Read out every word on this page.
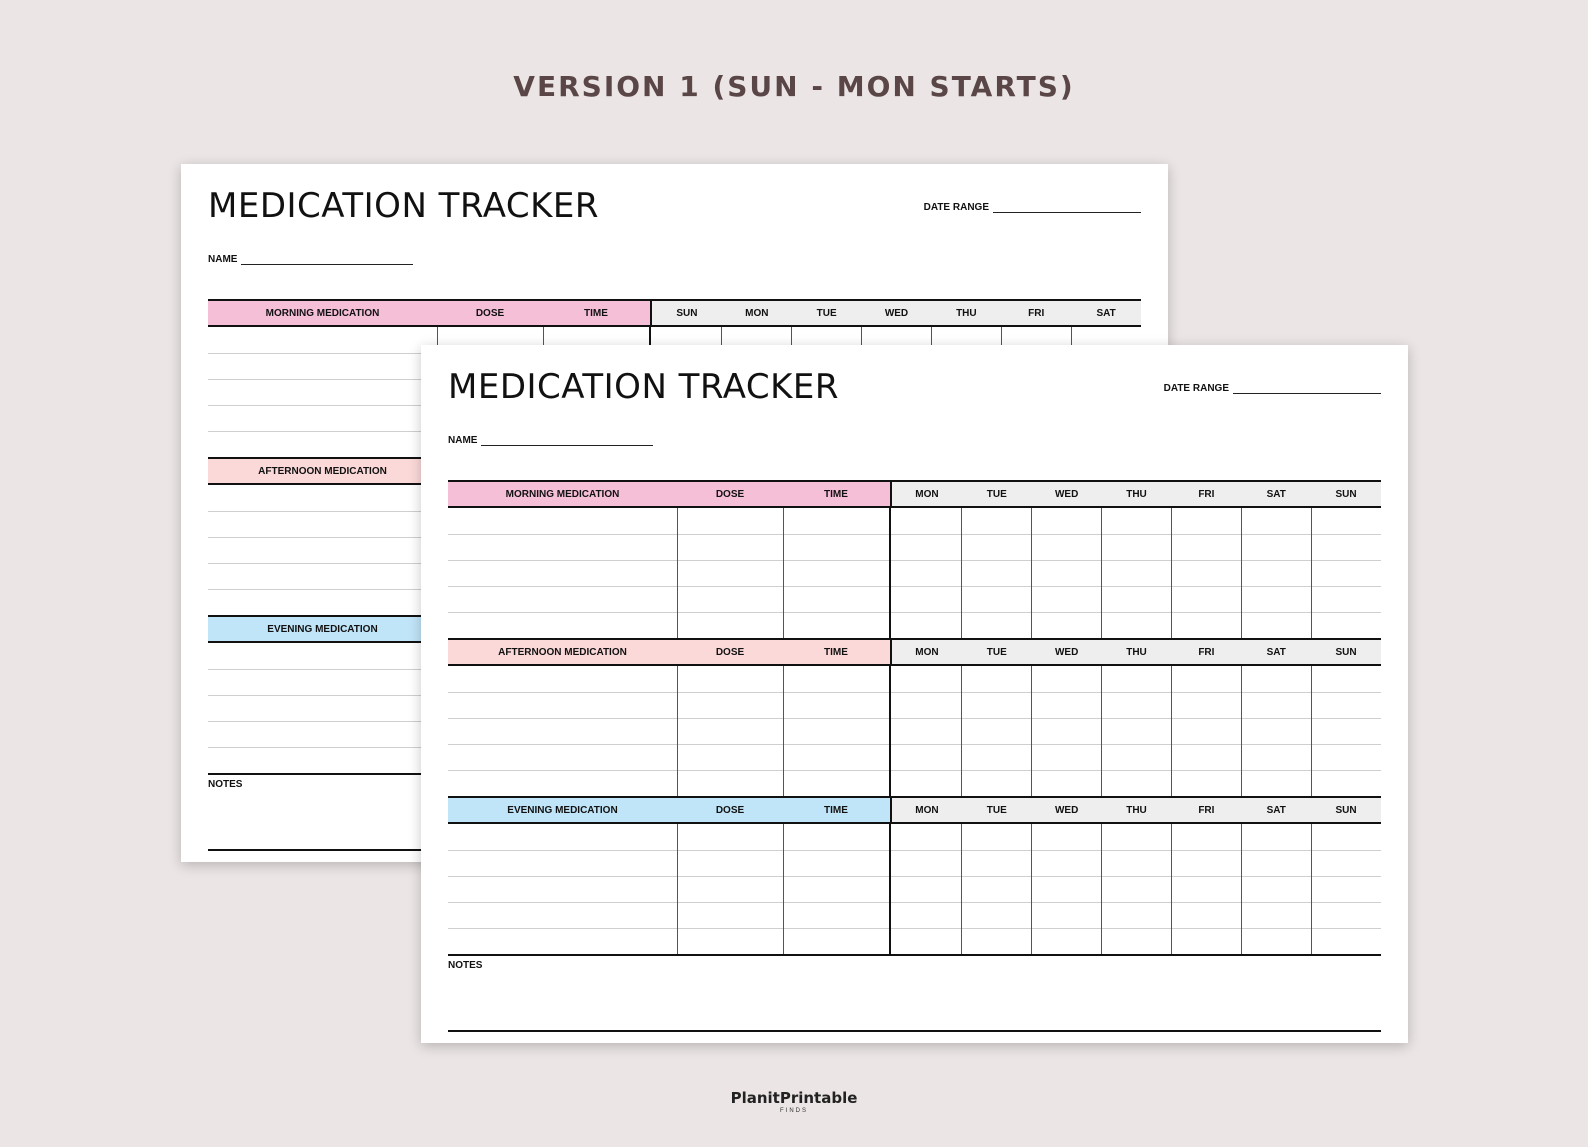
VERSION 1 (SUN - MON STARTS)
MEDICATION TRACKER	DATE RANGE
NAME
MORNING MEDICATION	DOSE	TIME	SUN	MON	TUE	WED	THU	FRI	SAT
AFTERNOON MEDICATION
EVENING MEDICATION
NOTES
MEDICATION TRACKER	DATE RANGE
NAME
MORNING MEDICATION	DOSE	TIME	MON	TUE	WED	THU	FRI	SAT	SUN
AFTERNOON MEDICATION	DOSE	TIME	MON	TUE	WED	THU	FRI	SAT	SUN
EVENING MEDICATION	DOSE	TIME	MON	TUE	WED	THU	FRI	SAT	SUN
NOTES
PlanitPrintable
FINDS
